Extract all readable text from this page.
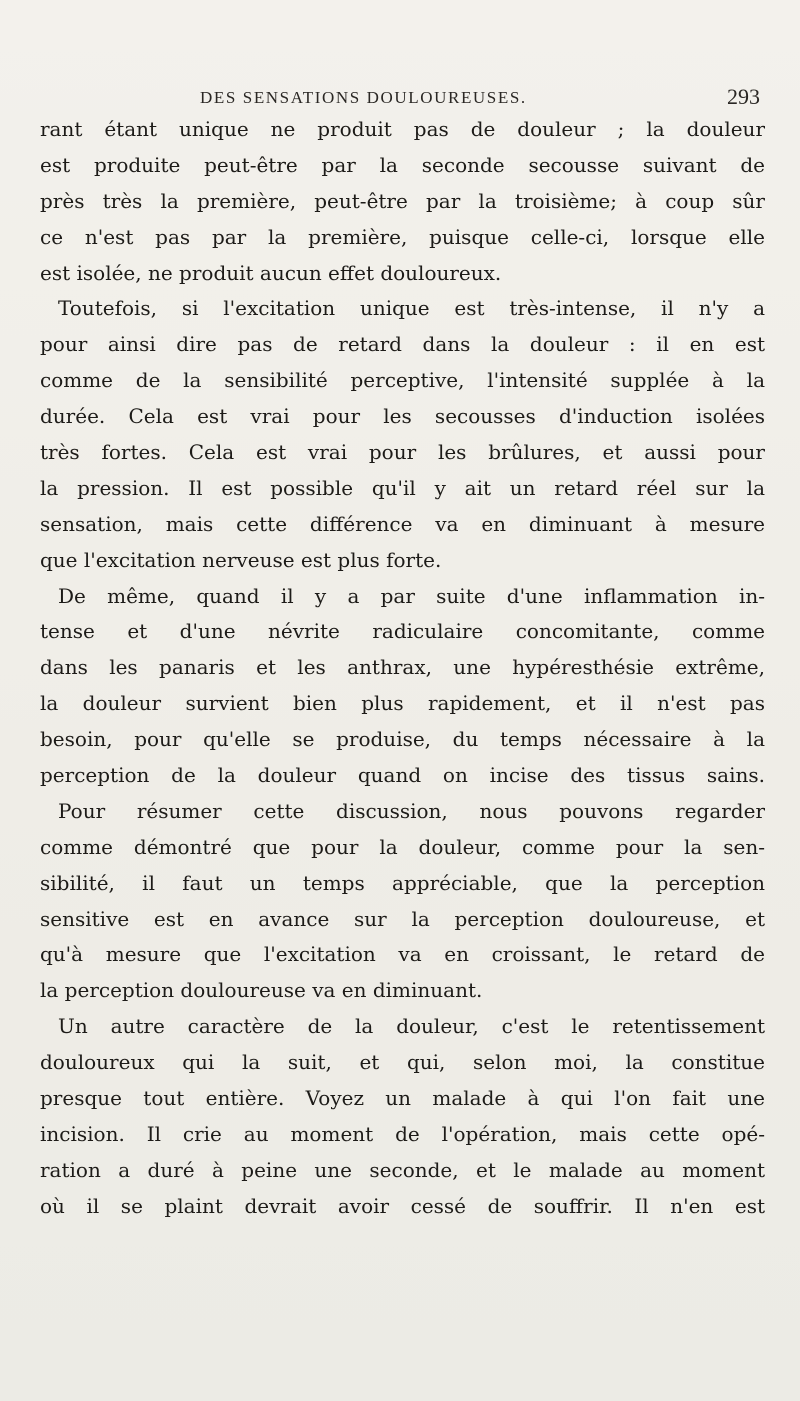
DES SENSATIONS DOULOUREUSES.	293
rant étant unique ne produit pas de douleur ; la douleur
est produite peut-être par la seconde secousse suivant de
près très la première, peut-être par la troisième; à coup sûr
ce n'est pas par la première, puisque celle-ci, lorsque elle
est isolée, ne produit aucun effet douloureux.
Toutefois, si l'excitation unique est très-intense, il n'y a
pour ainsi dire pas de retard dans la douleur : il en est
comme de la sensibilité perceptive, l'intensité supplée à la
durée. Cela est vrai pour les secousses d'induction isolées
très fortes. Cela est vrai pour les brûlures, et aussi pour
la pression. Il est possible qu'il y ait un retard réel sur la
sensation, mais cette différence va en diminuant à mesure
que l'excitation nerveuse est plus forte.
De même, quand il y a par suite d'une inflammation in-
tense et d'une névrite radiculaire concomitante, comme
dans les panaris et les anthrax, une hypéresthésie extrême,
la douleur survient bien plus rapidement, et il n'est pas
besoin, pour qu'elle se produise, du temps nécessaire à la
perception de la douleur quand on incise des tissus sains.
Pour résumer cette discussion, nous pouvons regarder
comme démontré que pour la douleur, comme pour la sen-
sibilité, il faut un temps appréciable, que la perception
sensitive est en avance sur la perception douloureuse, et
qu'à mesure que l'excitation va en croissant, le retard de
la perception douloureuse va en diminuant.
Un autre caractère de la douleur, c'est le retentissement
douloureux qui la suit, et qui, selon moi, la constitue
presque tout entière. Voyez un malade à qui l'on fait une
incision. Il crie au moment de l'opération, mais cette opé-
ration a duré à peine une seconde, et le malade au moment
où il se plaint devrait avoir cessé de souffrir. Il n'en est
